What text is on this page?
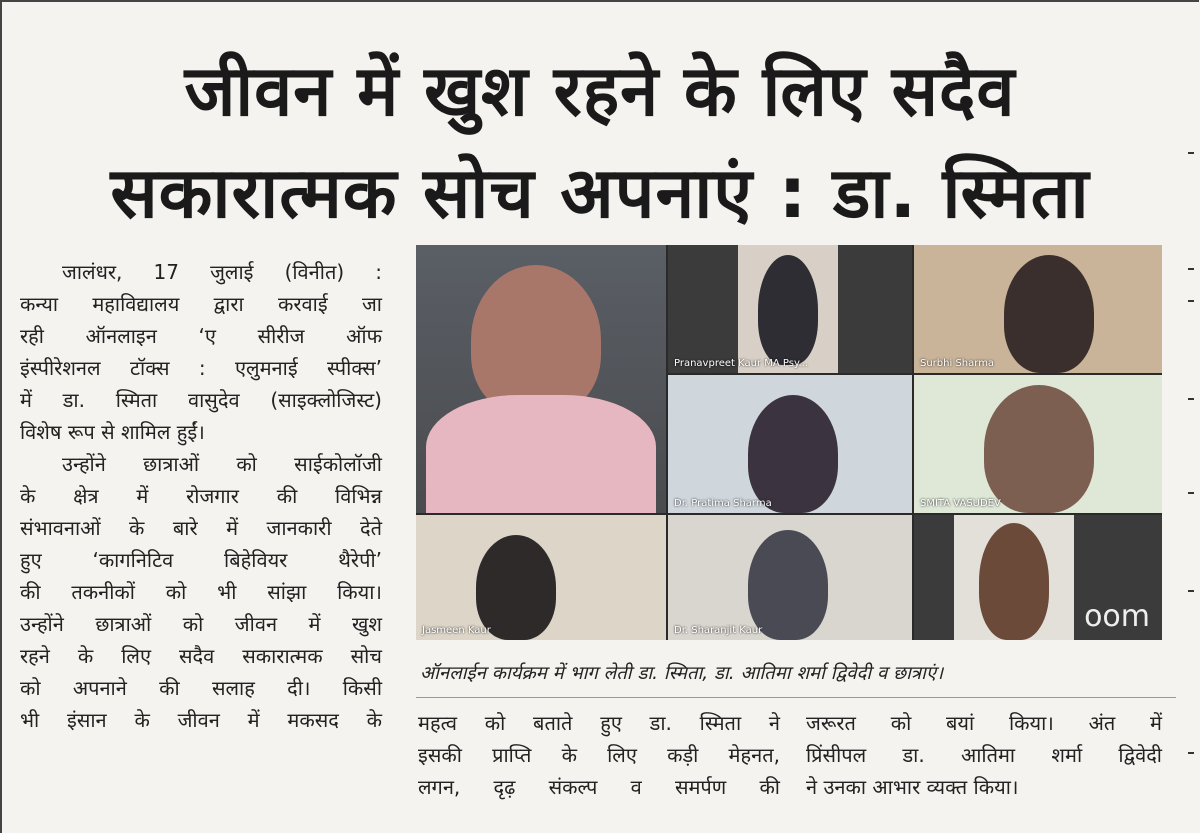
जीवन में खुश रहने के लिए सदैव
सकारात्मक सोच अपनाएं : डा. स्मिता

जालंधर, 17 जुलाई (विनीत) :
कन्या महाविद्यालय द्वारा करवाई जा
रही ऑनलाइन ‘ए सीरीज ऑफ
इंस्पीरेशनल टॉक्स : एलुमनाई स्पीक्स’
में डा. स्मिता वासुदेव (साइक्लोजिस्ट)
विशेष रूप से शामिल हुईं।
उन्होंने छात्राओं को साईकोलॉजी
के क्षेत्र में रोजगार की विभिन्न
संभावनाओं के बारे में जानकारी देते
हुए ‘कागनिटिव बिहेवियर थैरेपी’
की तकनीकों को भी सांझा किया।
उन्होंने छात्राओं को जीवन में खुश
रहने के लिए सदैव सकारात्मक सोच
को अपनाने की सलाह दी। किसी
भी इंसान के जीवन में मकसद के

Pranavpreet Kaur MA Psy...	Surbhi Sharma
Dr. Pratima Sharma	SMITA VASUDEV
Jasmeen Kaur	Dr. Sharanjit Kaur	oom
ऑनलाईन कार्यक्रम में भाग लेती डा. स्मिता, डा. आतिमा शर्मा द्विवेदी व छात्राएं।

महत्व को बताते हुए डा. स्मिता ने
इसकी प्राप्ति के लिए कड़ी मेहनत,
लगन, दृढ़ संकल्प व समर्पण की

जरूरत को बयां किया। अंत में
प्रिंसीपल डा. आतिमा शर्मा द्विवेदी
ने उनका आभार व्यक्त किया।
